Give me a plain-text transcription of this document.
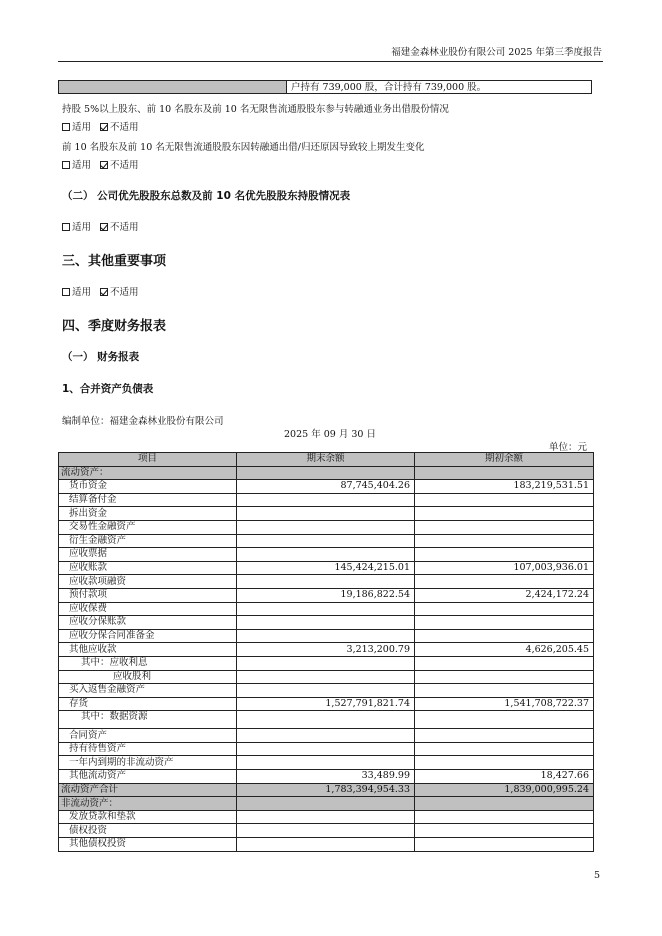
福建金森林业股份有限公司 2025 年第三季度报告
户持有 739,000 股，合计持有 739,000 股。
持股 5%以上股东、前 10 名股东及前 10 名无限售流通股股东参与转融通业务出借股份情况
适用 不适用
前 10 名股东及前 10 名无限售流通股股东因转融通出借/归还原因导致较上期发生变化
适用 不适用
（二） 公司优先股股东总数及前 10 名优先股股东持股情况表
适用 不适用
三、其他重要事项
适用 不适用
四、季度财务报表
（一） 财务报表
1、合并资产负债表
编制单位：福建金森林业股份有限公司
2025 年 09 月 30 日
单位：元
项目	期末余额	期初余额
流动资产：		
货币资金	87,745,404.26	183,219,531.51
结算备付金		
拆出资金		
交易性金融资产		
衍生金融资产		
应收票据		
应收账款	145,424,215.01	107,003,936.01
应收款项融资		
预付款项	19,186,822.54	2,424,172.24
应收保费		
应收分保账款		
应收分保合同准备金		
其他应收款	3,213,200.79	4,626,205.45
其中：应收利息		
应收股利		
买入返售金融资产		
存货	1,527,791,821.74	1,541,708,722.37
其中：数据资源		
合同资产		
持有待售资产		
一年内到期的非流动资产		
其他流动资产	33,489.99	18,427.66
流动资产合计	1,783,394,954.33	1,839,000,995.24
非流动资产：		
发放贷款和垫款		
债权投资		
其他债权投资		
5
